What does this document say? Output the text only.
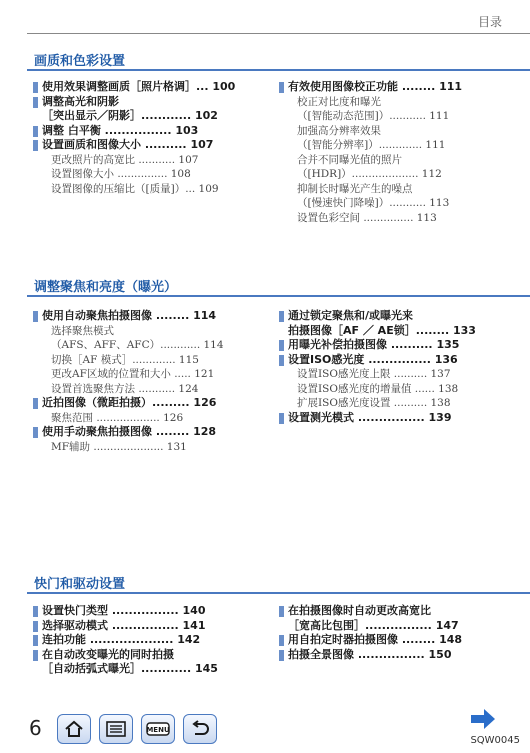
目录
画质和色彩设置
使用效果调整画质［照片格调］... 100
调整高光和阴影
［突出显示／阴影］............ 102
调整 白平衡 ................ 103
设置画质和图像大小 .......... 107
更改照片的高宽比 ........... 107
设置图像大小 ............... 108
设置图像的压缩比（[质量]）... 109
有效使用图像校正功能 ........ 111
校正对比度和曝光
（[智能动态范围]）........... 111
加强高分辨率效果
（[智能分辨率]）............. 111
合并不同曝光值的照片
（[HDR]）.................... 112
抑制长时曝光产生的噪点
（[慢速快门降噪]）........... 113
设置色彩空间 ............... 113
调整聚焦和亮度（曝光）
使用自动聚焦拍摄图像 ........ 114
选择聚焦模式
（AFS、AFF、AFC）............ 114
切换［AF 模式］............. 115
更改AF区域的位置和大小 ..... 121
设置首选聚焦方法 ........... 124
近拍图像（微距拍摄）......... 126
聚焦范围 ................... 126
使用手动聚焦拍摄图像 ........ 128
MF辅助 ..................... 131
通过锁定聚焦和/或曝光来
拍摄图像［AF ／ AE锁］........ 133
用曝光补偿拍摄图像 .......... 135
设置ISO感光度 ............... 136
设置ISO感光度上限 .......... 137
设置ISO感光度的增量值 ...... 138
扩展ISO感光度设置 .......... 138
设置测光模式 ................ 139
快门和驱动设置
设置快门类型 ................ 140
选择驱动模式 ................ 141
连拍功能 .................... 142
在自动改变曝光的同时拍摄
［自动括弧式曝光］............ 145
在拍摄图像时自动更改高宽比
［宽高比包围］................ 147
用自拍定时器拍摄图像 ........ 148
拍摄全景图像 ................ 150
6	MENU
SQW0045
